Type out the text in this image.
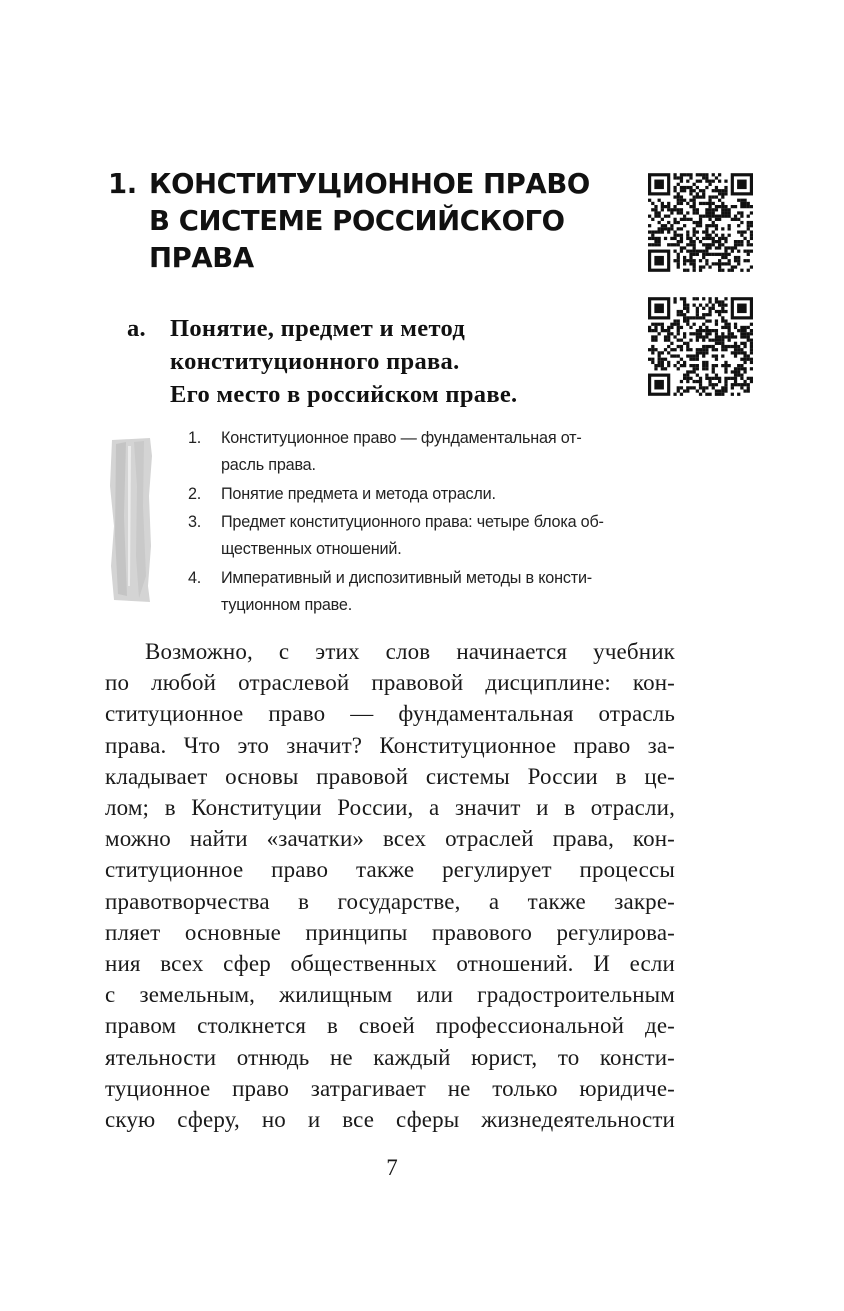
1. КОНСТИТУЦИОННОЕ ПРАВО
В СИСТЕМЕ РОССИЙСКОГО
ПРАВА
а. Понятие, предмет и метод
конституционного права.
Его место в российском праве.
1. Конституционное право — фундаментальная от-
расль права.
2. Понятие предмета и метода отрасли.
3. Предмет конституционного права: четыре блока об-
щественных отношений.
4. Императивный и диспозитивный методы в консти-
туционном праве.
Возможно, с этих слов начинается учебник
по любой отраслевой правовой дисциплине: кон-
ституционное право — фундаментальная отрасль
права. Что это значит? Конституционное право за-
кладывает основы правовой системы России в це-
лом; в Конституции России, а значит и в отрасли,
можно найти «зачатки» всех отраслей права, кон-
ституционное право также регулирует процессы
правотворчества в государстве, а также закре-
пляет основные принципы правового регулирова-
ния всех сфер общественных отношений. И если
с земельным, жилищным или градостроительным
правом столкнется в своей профессиональной де-
ятельности отнюдь не каждый юрист, то консти-
туционное право затрагивает не только юридиче-
скую сферу, но и все сферы жизнедеятельности
7
